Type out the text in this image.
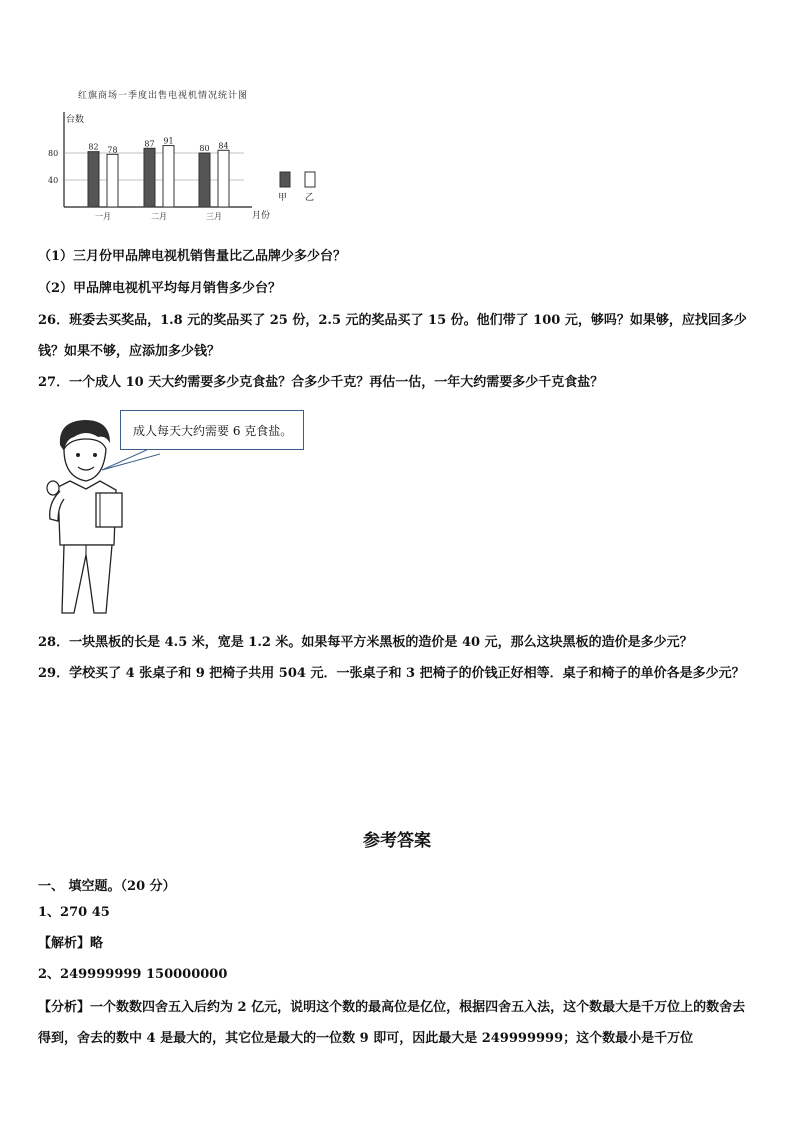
红旗商场一季度出售电视机情况统计图
台数
月份
甲 乙
80
40
82 78
一月
87 91
二月
80 84
三月
（1）三月份甲品牌电视机销售量比乙品牌少多少台？
（2）甲品牌电视机平均每月销售多少台？
26．班委去买奖品，1.8 元的奖品买了 25 份，2.5 元的奖品买了 15 份。他们带了 100 元，够吗？如果够，应找回多少钱？如果不够，应添加多少钱？
27．一个成人 10 天大约需要多少克食盐？合多少千克？再估一估，一年大约需要多少千克食盐？
成人每天大约需要 6 克食盐。
28．一块黑板的长是 4.5 米，宽是 1.2 米。如果每平方米黑板的造价是 40 元，那么这块黑板的造价是多少元？
29．学校买了 4 张桌子和 9 把椅子共用 504 元．一张桌子和 3 把椅子的价钱正好相等．桌子和椅子的单价各是多少元？
参考答案
一、 填空题。（20 分）
1、270 45
【解析】略
2、249999999 150000000
【分析】一个数数四舍五入后约为 2 亿元，说明这个数的最高位是亿位，根据四舍五入法，这个数最大是千万位上的数舍去得到，舍去的数中 4 是最大的，其它位是最大的一位数 9 即可，因此最大是 249999999；这个数最小是千万位
